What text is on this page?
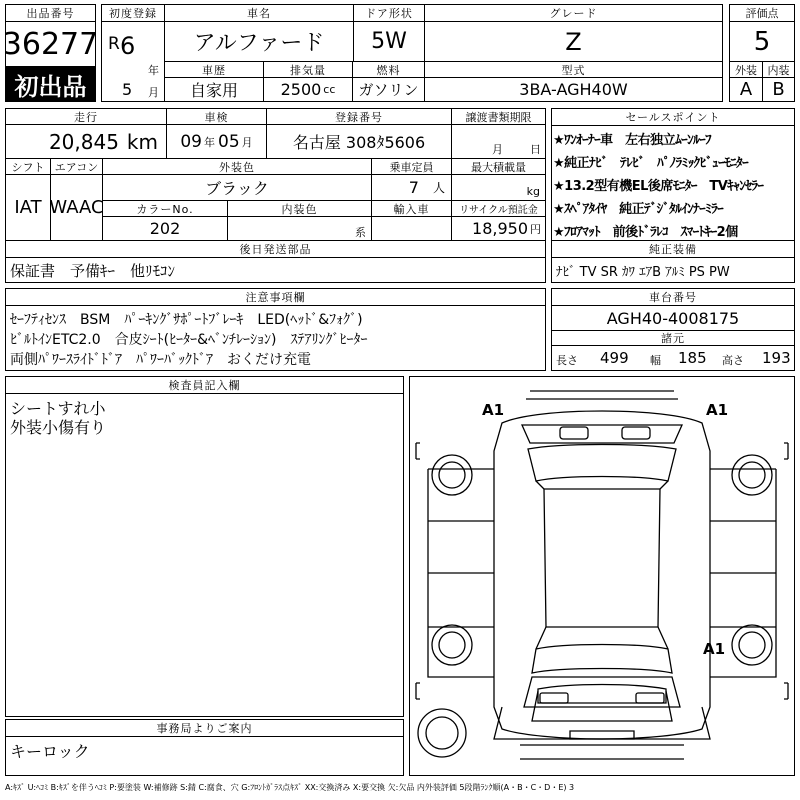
出品番号
36277
初出品
初度登録
R 6
年
5 月
車名
アルファード
ドア形状
5W
グレード
Z
評価点
5
車歴
自家用
排気量
2500 cc
燃料
ガソリン
型式
3BA-AGH40W
外装
A
内装
B
走行
20,845 km
車検
09 年 05 月
登録番号
名古屋 308ﾀ5606
譲渡書類期限
月 日
シフト
IAT
エアコン
WAAC
外装色
ブラック
乗車定員
7 人
最大積載量
kg
カラーNo.
202
内装色
系
輸入車	リサイクル預託金
18,950 円
後日発送部品
保証書　予備ｷｰ　他ﾘﾓｺﾝ
セールスポイント
★ﾜﾝｵｰﾅｰ車　左右独立ﾑｰﾝﾙｰﾌ
★純正ﾅﾋﾞ　ﾃﾚﾋﾞ　ﾊﾟﾉﾗﾐｯｸﾋﾞｭｰﾓﾆﾀｰ
★13.2型有機EL後席ﾓﾆﾀｰ　TVｷｬﾝｾﾗｰ
★ｽﾍﾟｱﾀｲﾔ　純正ﾃﾞｼﾞﾀﾙｲﾝﾅｰﾐﾗｰ
★ﾌﾛｱﾏｯﾄ　前後ﾄﾞﾗﾚｺ　ｽﾏｰﾄｷｰ2個
純正装備
ﾅﾋﾞ TV SR ｶﾜ ｴｱB ｱﾙﾐ PS PW
注意事項欄
ｾｰﾌﾃｨｾﾝｽ　BSM　ﾊﾟｰｷﾝｸﾞｻﾎﾟｰﾄﾌﾞﾚｰｷ　LED(ﾍｯﾄﾞ&ﾌｫｸﾞ)
ﾋﾞﾙﾄｲﾝETC2.0　合皮ｼｰﾄ(ﾋｰﾀｰ&ﾍﾞﾝﾁﾚｰｼｮﾝ)　ｽﾃｱﾘﾝｸﾞﾋｰﾀｰ
両側ﾊﾟﾜｰｽﾗｲﾄﾞﾄﾞｱ　ﾊﾟﾜｰﾊﾞｯｸﾄﾞｱ　おくだけ充電
車台番号
AGH40-4008175
諸元
長さ 499 幅 185 高さ 193
検査員記入欄
シートすれ小
外装小傷有り
事務局よりご案内
キーロック
A1	A1
A1
A:ｷｽﾞ U:ﾍｺﾐ B:ｷｽﾞを伴うﾍｺﾐ P:要塗装 W:補修跡 S:錆 C:腐食、穴 G:ﾌﾛﾝﾄｶﾞﾗｽ点ｷｽﾞ XX:交換済み X:要交換 欠:欠品 内外装評価 5段階ﾗﾝｸ順(A・B・C・D・E) 3
